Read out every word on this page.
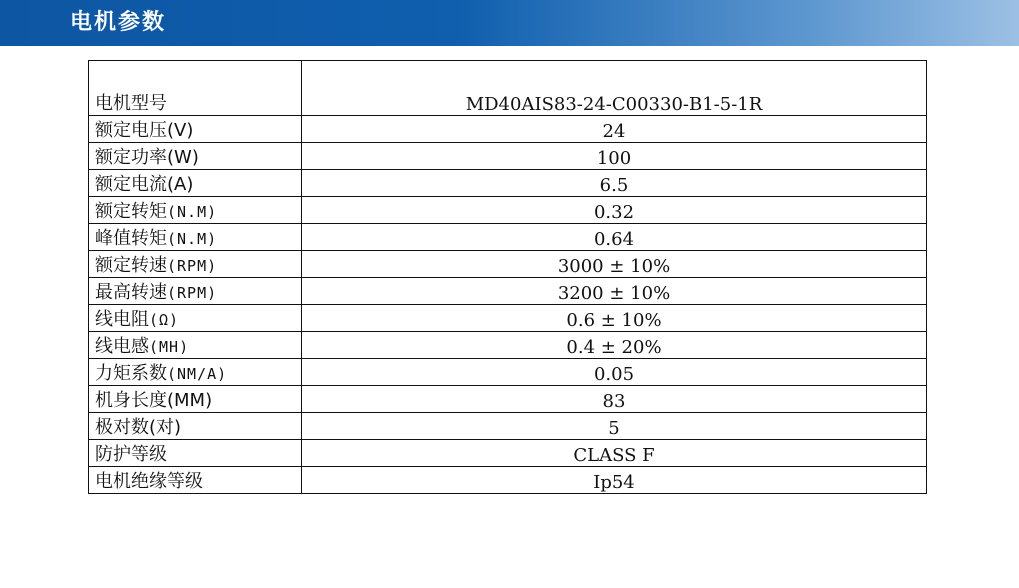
电机参数
电机型号	MD40AIS83-24-C00330-B1-5-1R
额定电压(V)	24
额定功率(W)	100
额定电流(A)	6.5
额定转矩(N.M)	0.32
峰值转矩(N.M)	0.64
额定转速(RPM)	3000 ± 10%
最高转速(RPM)	3200 ± 10%
线电阻(Ω)	0.6 ± 10%
线电感(MH)	0.4 ± 20%
力矩系数(NM/A)	0.05
机身长度(MM)	83
极对数(对)	5
防护等级	CLASS F
电机绝缘等级	Ip54
